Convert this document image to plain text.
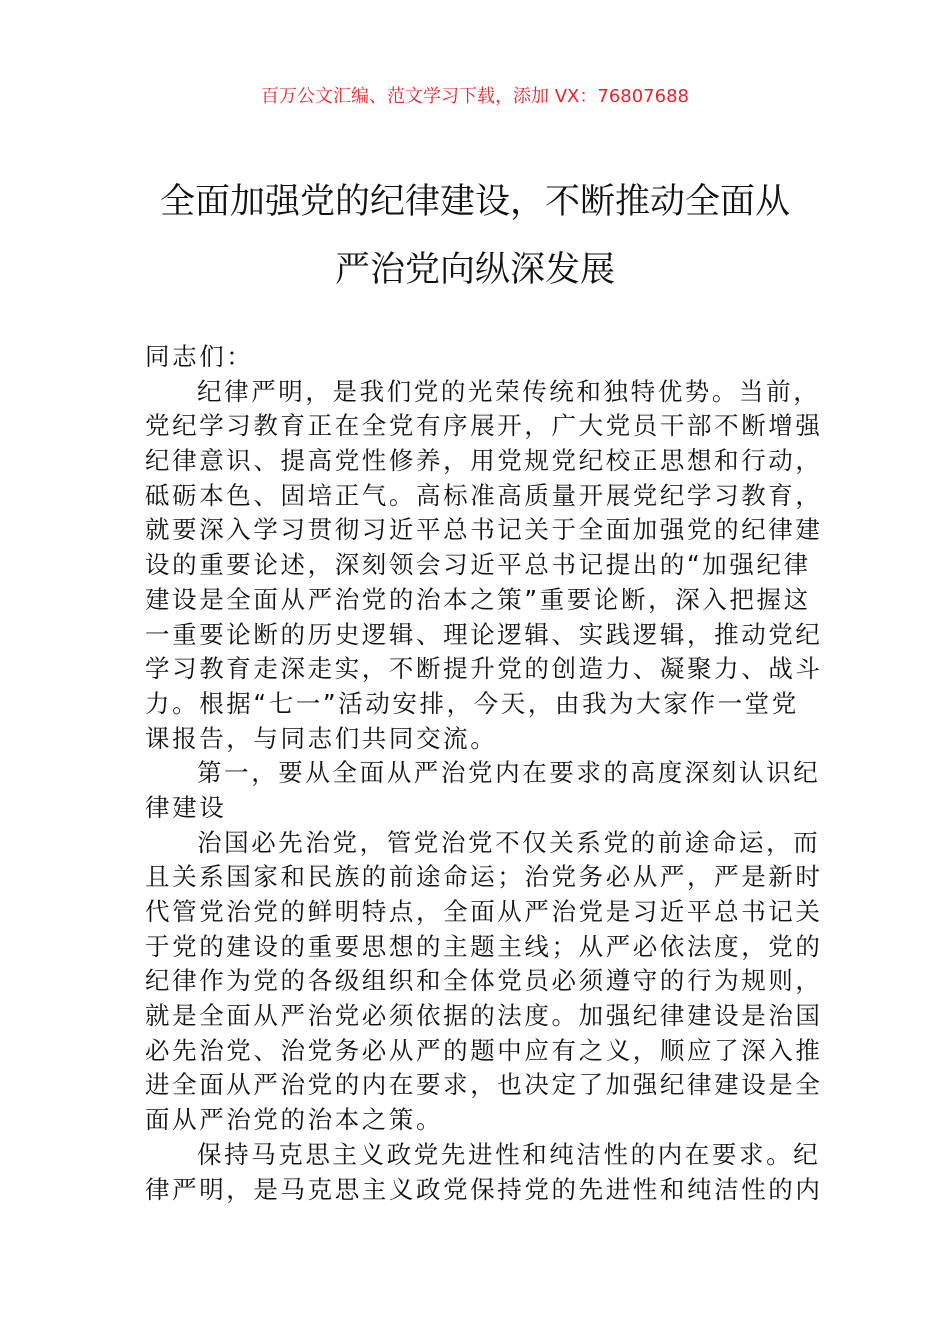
百万公文汇编、范文学习下载，添加 VX：76807688
全面加强党的纪律建设，不断推动全面从
严治党向纵深发展
同志们：
纪律严明，是我们党的光荣传统和独特优势。当前，
党纪学习教育正在全党有序展开，广大党员干部不断增强
纪律意识、提高党性修养，用党规党纪校正思想和行动，
砥砺本色、固培正气。高标准高质量开展党纪学习教育，
就要深入学习贯彻习近平总书记关于全面加强党的纪律建
设的重要论述，深刻领会习近平总书记提出的“加强纪律
建设是全面从严治党的治本之策”重要论断，深入把握这
一重要论断的历史逻辑、理论逻辑、实践逻辑，推动党纪
学习教育走深走实，不断提升党的创造力、凝聚力、战斗
力。根据“七一”活动安排，今天，由我为大家作一堂党
课报告，与同志们共同交流。
第一，要从全面从严治党内在要求的高度深刻认识纪
律建设
治国必先治党，管党治党不仅关系党的前途命运，而
且关系国家和民族的前途命运；治党务必从严，严是新时
代管党治党的鲜明特点，全面从严治党是习近平总书记关
于党的建设的重要思想的主题主线；从严必依法度，党的
纪律作为党的各级组织和全体党员必须遵守的行为规则，
就是全面从严治党必须依据的法度。加强纪律建设是治国
必先治党、治党务必从严的题中应有之义，顺应了深入推
进全面从严治党的内在要求，也决定了加强纪律建设是全
面从严治党的治本之策。
保持马克思主义政党先进性和纯洁性的内在要求。纪
律严明，是马克思主义政党保持党的先进性和纯洁性的内
